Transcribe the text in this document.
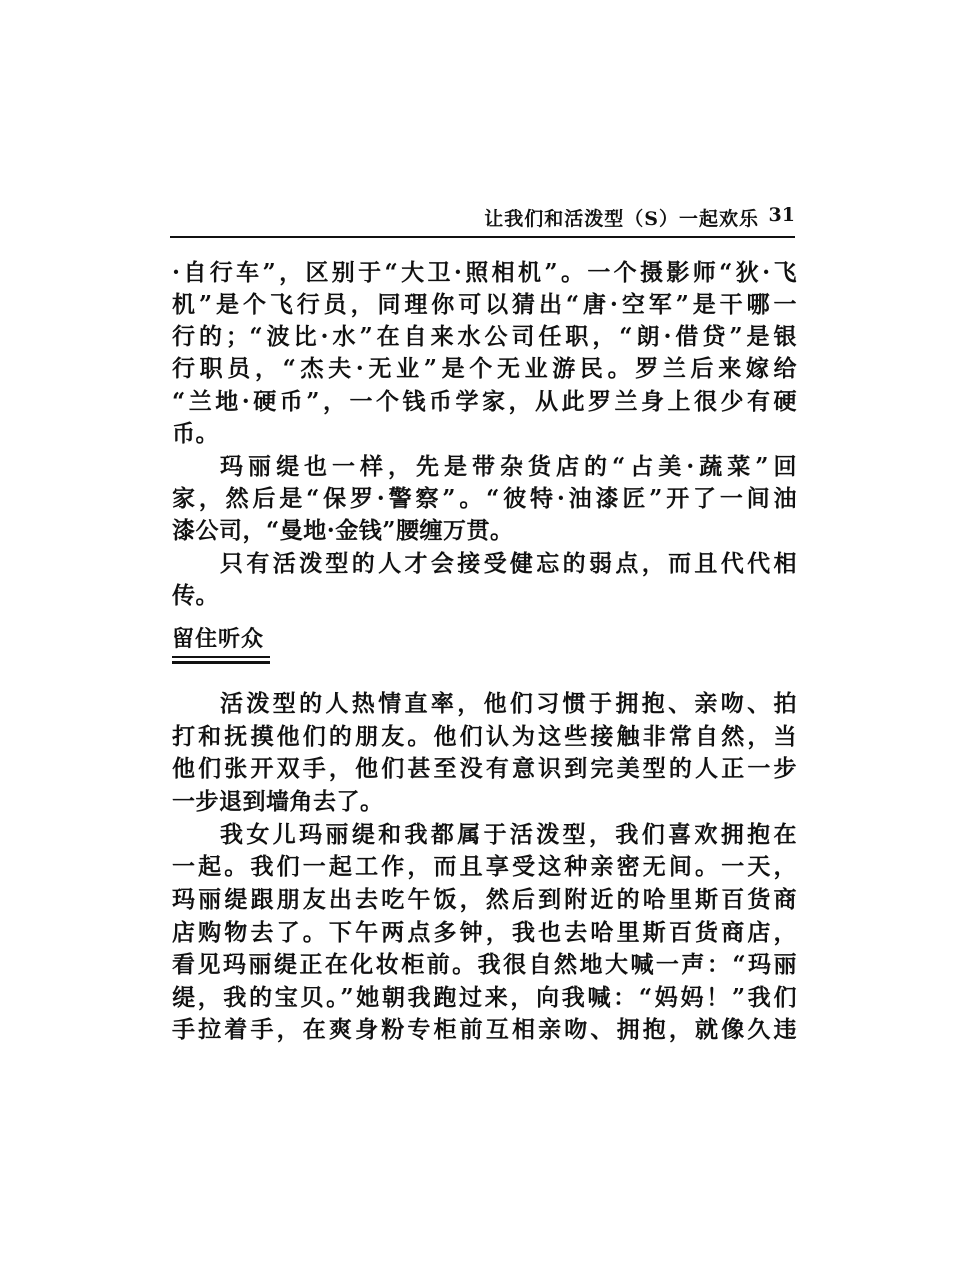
让我们和活泼型（S）一起欢乐 31
·自行车”，区别于“大卫·照相机”。一个摄影师“狄·飞
机”是个飞行员，同理你可以猜出“唐·空军”是干哪一
行的；“波比·水”在自来水公司任职，“朗·借贷”是银
行职员，“杰夫·无业”是个无业游民。罗兰后来嫁给
“兰地·硬币”，一个钱币学家，从此罗兰身上很少有硬
币。
玛丽缇也一样，先是带杂货店的“占美·蔬菜”回
家，然后是“保罗·警察”。“彼特·油漆匠”开了一间油
漆公司，“曼地·金钱”腰缠万贯。
只有活泼型的人才会接受健忘的弱点，而且代代相
传。
留住听众
活泼型的人热情直率，他们习惯于拥抱、亲吻、拍
打和抚摸他们的朋友。他们认为这些接触非常自然，当
他们张开双手，他们甚至没有意识到完美型的人正一步
一步退到墙角去了。
我女儿玛丽缇和我都属于活泼型，我们喜欢拥抱在
一起。我们一起工作，而且享受这种亲密无间。一天，
玛丽缇跟朋友出去吃午饭，然后到附近的哈里斯百货商
店购物去了。下午两点多钟，我也去哈里斯百货商店，
看见玛丽缇正在化妆柜前。我很自然地大喊一声：“玛丽
缇，我的宝贝。”她朝我跑过来，向我喊：“妈妈！”我们
手拉着手，在爽身粉专柜前互相亲吻、拥抱，就像久违
